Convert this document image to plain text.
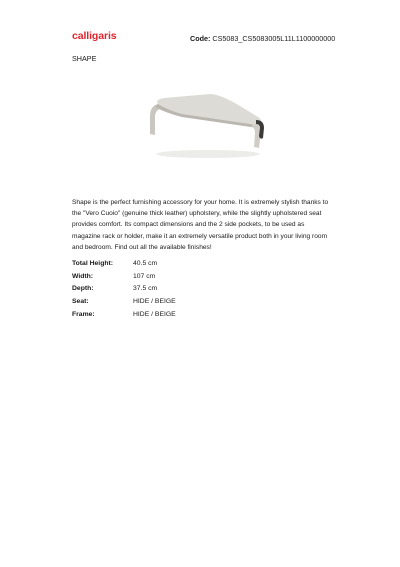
calligaris	Code: CS5083_CS5083005L11L1100000000
SHAPE
Shape is the perfect furnishing accessory for your home. It is extremely stylish thanks to the "Vero Cuoio" (genuine thick leather) upholstery, while the slightly upholstered seat provides comfort. Its compact dimensions and the 2 side pockets, to be used as magazine rack or holder, make it an extremely versatile product both in your living room and bedroom. Find out all the available finishes!
Total Height:	40.5 cm
Width:	107 cm
Depth:	37.5 cm
Seat:	HIDE / BEIGE
Frame:	HIDE / BEIGE
